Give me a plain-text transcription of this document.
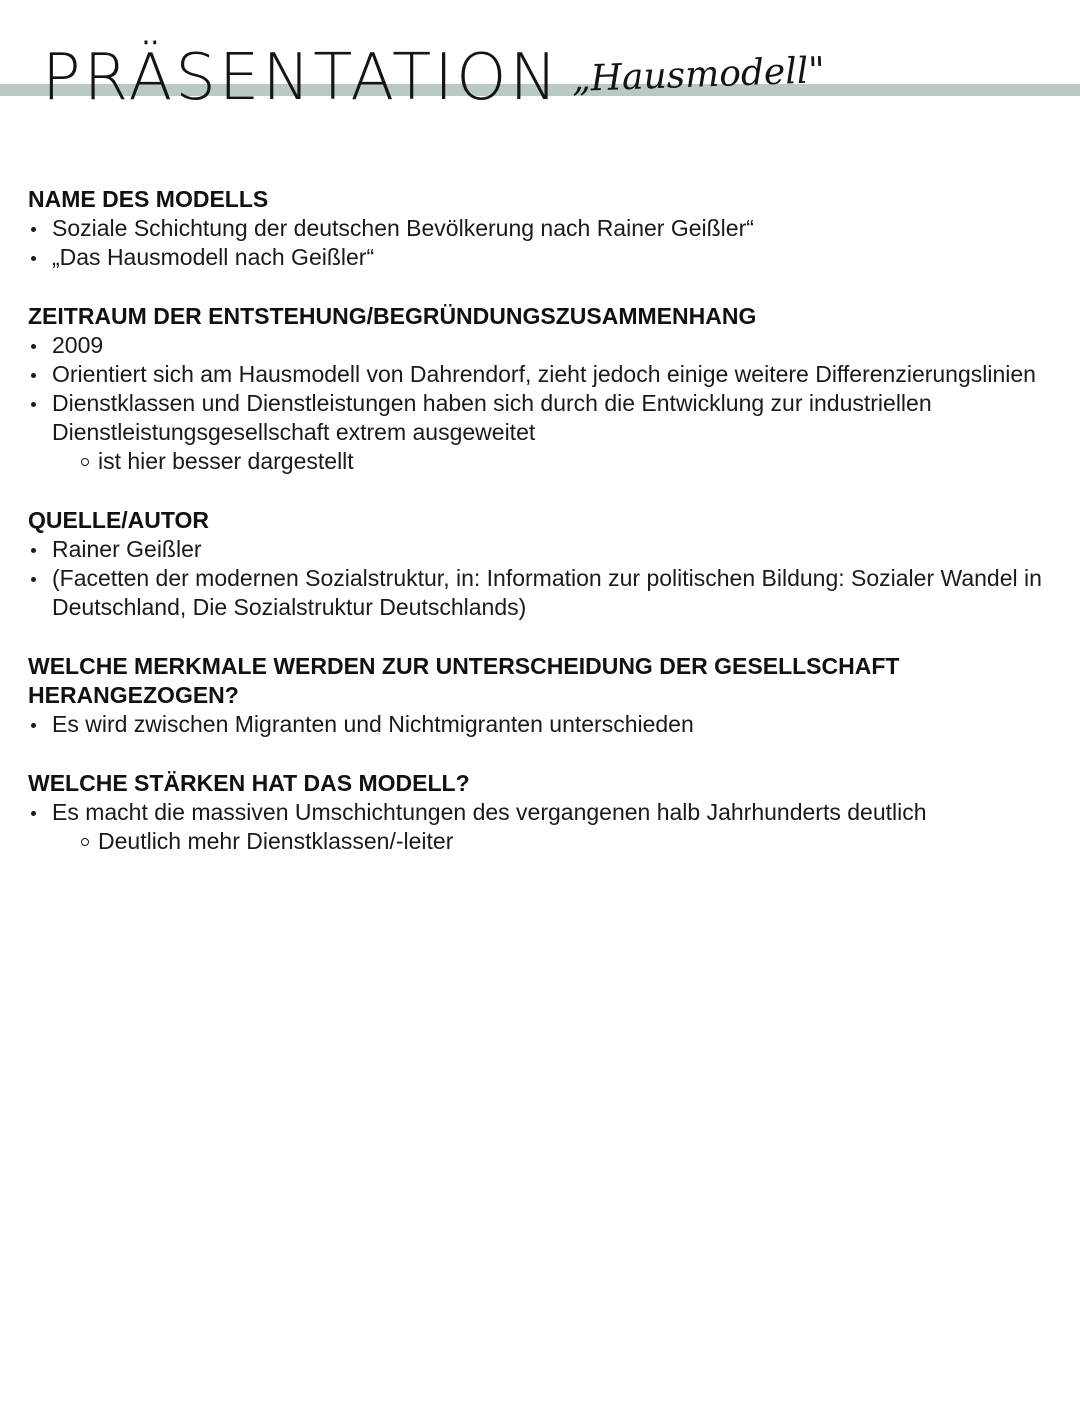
PRÄSENTATION „Hausmodell"
NAME DES MODELLS
Soziale Schichtung der deutschen Bevölkerung nach Rainer Geißler“
„Das Hausmodell nach Geißler“
ZEITRAUM DER ENTSTEHUNG/BEGRÜNDUNGSZUSAMMENHANG
2009
Orientiert sich am Hausmodell von Dahrendorf, zieht jedoch einige weitere Differenzierungslinien
Dienstklassen und Dienstleistungen haben sich durch die Entwicklung zur industriellen Dienstleistungsgesellschaft extrem ausgeweitet
ist hier besser dargestellt
QUELLE/AUTOR
Rainer Geißler
(Facetten der modernen Sozialstruktur, in: Information zur politischen Bildung: Sozialer Wandel in Deutschland, Die Sozialstruktur Deutschlands)
WELCHE MERKMALE WERDEN ZUR UNTERSCHEIDUNG DER GESELLSCHAFT HERANGEZOGEN?
Es wird zwischen Migranten und Nichtmigranten unterschieden
WELCHE STÄRKEN HAT DAS MODELL?
Es macht die massiven Umschichtungen des vergangenen halb Jahrhunderts deutlich
Deutlich mehr Dienstklassen/-leiter
